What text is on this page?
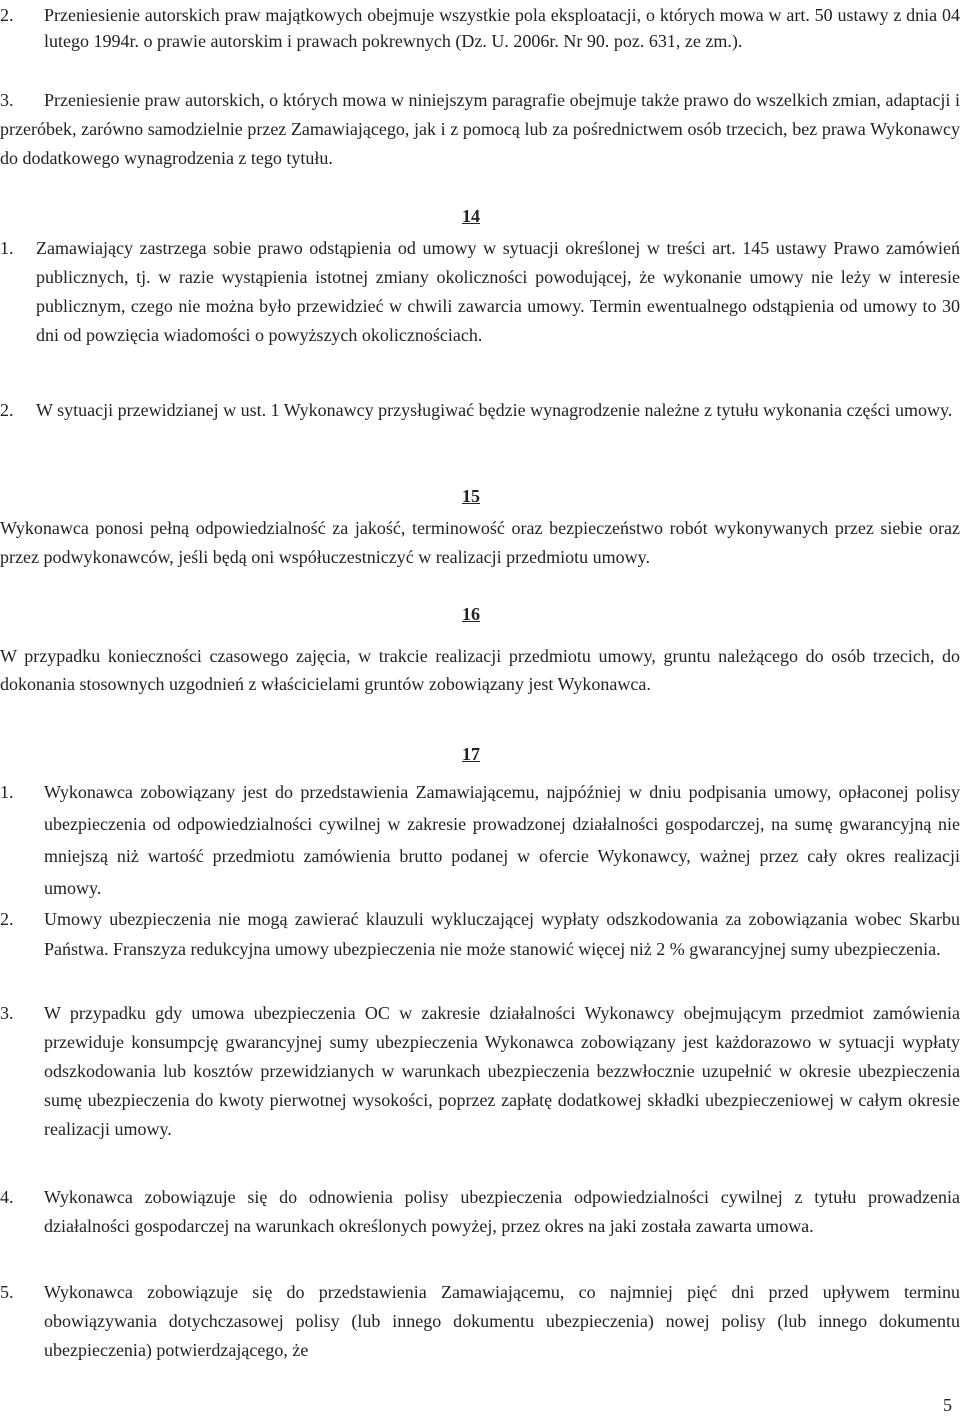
2. Przeniesienie autorskich praw majątkowych obejmuje wszystkie pola eksploatacji, o których mowa w art. 50 ustawy z dnia 04 lutego 1994r. o prawie autorskim i prawach pokrewnych (Dz. U. 2006r. Nr 90. poz. 631, ze zm.).
3.	Przeniesienie praw autorskich, o których mowa w niniejszym paragrafie obejmuje także prawo do wszelkich zmian, adaptacji i przeróbek, zarówno samodzielnie przez Zamawiającego, jak i z pomocą lub za pośrednictwem osób trzecich, bez prawa Wykonawcy do dodatkowego wynagrodzenia z tego tytułu.
14
1. Zamawiający zastrzega sobie prawo odstąpienia od umowy w sytuacji określonej w treści art. 145 ustawy Prawo zamówień publicznych, tj. w razie wystąpienia istotnej zmiany okoliczności powodującej, że wykonanie umowy nie leży w interesie publicznym, czego nie można było przewidzieć w chwili zawarcia umowy. Termin ewentualnego odstąpienia od umowy to 30 dni od powzięcia wiadomości o powyższych okolicznościach.
2. W sytuacji przewidzianej w ust. 1 Wykonawcy przysługiwać będzie wynagrodzenie należne z tytułu wykonania części umowy.
15
Wykonawca ponosi pełną odpowiedzialność za jakość, terminowość oraz bezpieczeństwo robót wykonywanych przez siebie oraz przez podwykonawców, jeśli będą oni współuczestniczyć w realizacji przedmiotu umowy.
16
W przypadku konieczności czasowego zajęcia, w trakcie realizacji przedmiotu umowy, gruntu należącego do osób trzecich, do dokonania stosownych uzgodnień z właścicielami gruntów zobowiązany jest Wykonawca.
17
1. Wykonawca zobowiązany jest do przedstawienia Zamawiającemu, najpóźniej w dniu podpisania umowy, opłaconej polisy ubezpieczenia od odpowiedzialności cywilnej w zakresie prowadzonej działalności gospodarczej, na sumę gwarancyjną nie mniejszą niż wartość przedmiotu zamówienia brutto podanej w ofercie Wykonawcy, ważnej przez cały okres realizacji umowy.
2. Umowy ubezpieczenia nie mogą zawierać klauzuli wykluczającej wypłaty odszkodowania za zobowiązania wobec Skarbu Państwa. Franszyza redukcyjna umowy ubezpieczenia nie może stanowić więcej niż 2 % gwarancyjnej sumy ubezpieczenia.
3. W przypadku gdy umowa ubezpieczenia OC w zakresie działalności Wykonawcy obejmującym przedmiot zamówienia przewiduje konsumpcję gwarancyjnej sumy ubezpieczenia Wykonawca zobowiązany jest każdorazowo w sytuacji wypłaty odszkodowania lub kosztów przewidzianych w warunkach ubezpieczenia bezzwłocznie uzupełnić w okresie ubezpieczenia sumę ubezpieczenia do kwoty pierwotnej wysokości, poprzez zapłatę dodatkowej składki ubezpieczeniowej w całym okresie realizacji umowy.
4. Wykonawca zobowiązuje się do odnowienia polisy ubezpieczenia odpowiedzialności cywilnej z tytułu prowadzenia działalności gospodarczej na warunkach określonych powyżej, przez okres na jaki została zawarta umowa.
5. Wykonawca zobowiązuje się do przedstawienia Zamawiającemu, co najmniej pięć dni przed upływem terminu obowiązywania dotychczasowej polisy (lub innego dokumentu ubezpieczenia) nowej polisy (lub innego dokumentu ubezpieczenia) potwierdzającego, że
5
